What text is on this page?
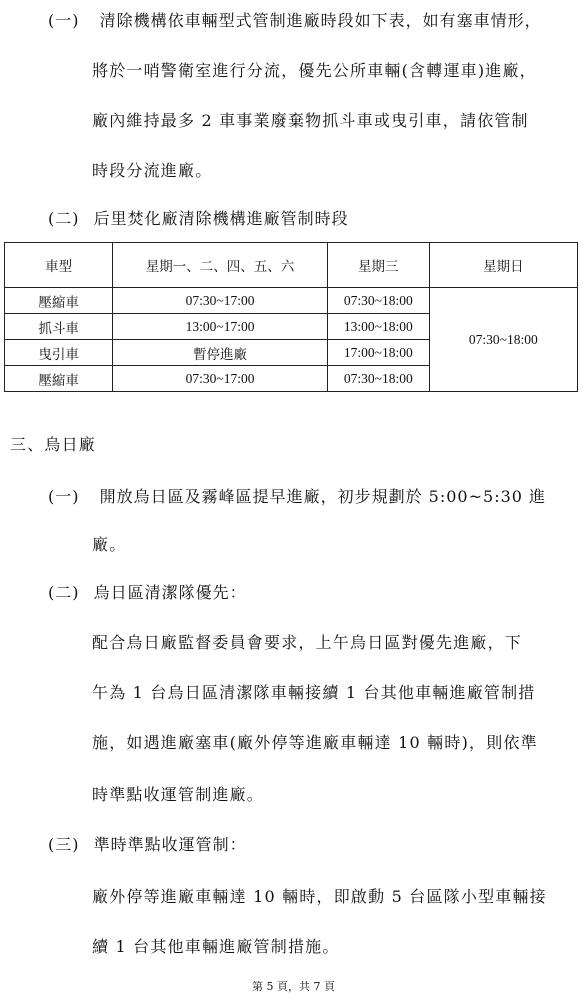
(一) 清除機構依車輛型式管制進廠時段如下表，如有塞車情形，
將於一哨警衛室進行分流，優先公所車輛(含轉運車)進廠，
廠內維持最多 2 車事業廢棄物抓斗車或曳引車，請依管制
時段分流進廠。
(二) 后里焚化廠清除機構進廠管制時段
車型	星期一、二、四、五、六	星期三	星期日
壓縮車	07:30~17:00	07:30~18:00	07:30~18:00
抓斗車	13:00~17:00	13:00~18:00	
曳引車	暫停進廠	17:00~18:00	
壓縮車	07:30~17:00	07:30~18:00	
三、烏日廠
(一) 開放烏日區及霧峰區提早進廠，初步規劃於 5:00~5:30 進
廠。
(二) 烏日區清潔隊優先：
配合烏日廠監督委員會要求，上午烏日區對優先進廠，下
午為 1 台烏日區清潔隊車輛接續 1 台其他車輛進廠管制措
施，如遇進廠塞車(廠外停等進廠車輛達 10 輛時)，則依準
時準點收運管制進廠。
(三) 準時準點收運管制：
廠外停等進廠車輛達 10 輛時，即啟動 5 台區隊小型車輛接
續 1 台其他車輛進廠管制措施。
第 5 頁，共 7 頁
